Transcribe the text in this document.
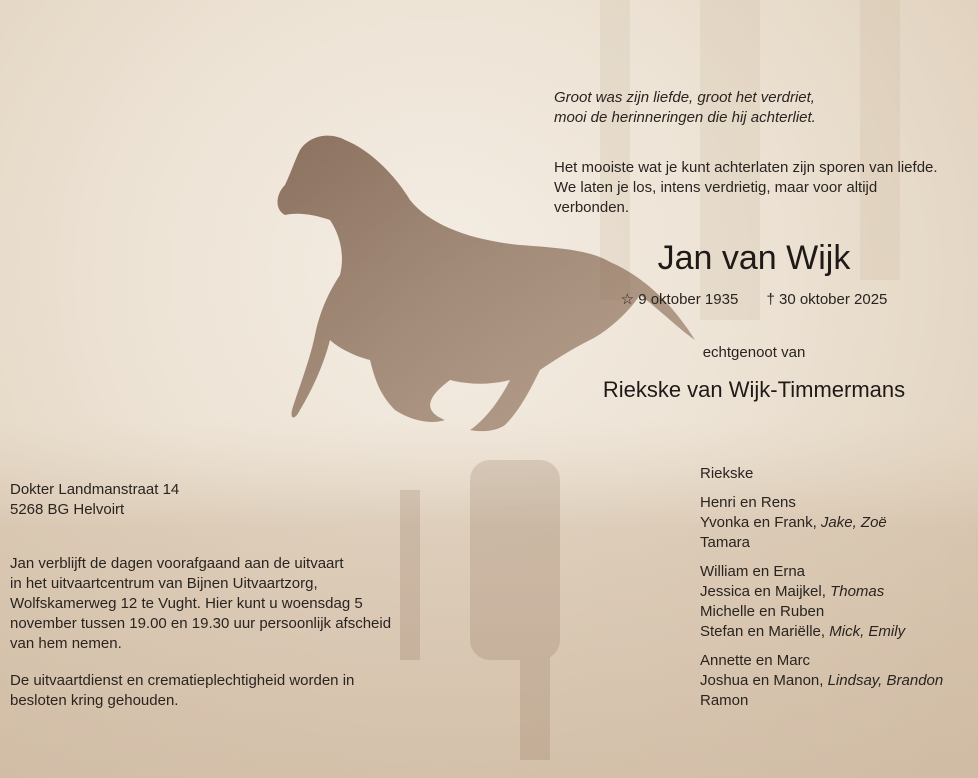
Groot was zijn liefde, groot het verdriet,

mooi de herinneringen die hij achterliet.

Het mooiste wat je kunt achterlaten zijn sporen van liefde.

We laten je los, intens verdrietig, maar voor altijd

verbonden.

Jan van Wijk
☆ 9 oktober 1935 † 30 oktober 2025
echtgenoot van
Riekske van Wijk-Timmermans
Riekske
Henri en Rens
Yvonka en Frank, Jake, Zoë
Tamara
William en Erna
Jessica en Maijkel, Thomas
Michelle en Ruben
Stefan en Mariëlle, Mick, Emily
Annette en Marc
Joshua en Manon, Lindsay, Brandon
Ramon

Dokter Landmanstraat 14

5268 BG Helvoirt

Jan verblijft de dagen voorafgaand aan de uitvaart

in het uitvaartcentrum van Bijnen Uitvaartzorg,

Wolfskamerweg 12 te Vught. Hier kunt u woensdag 5

november tussen 19.00 en 19.30 uur persoonlijk afscheid

van hem nemen.

De uitvaartdienst en crematieplechtigheid worden in

besloten kring gehouden.
